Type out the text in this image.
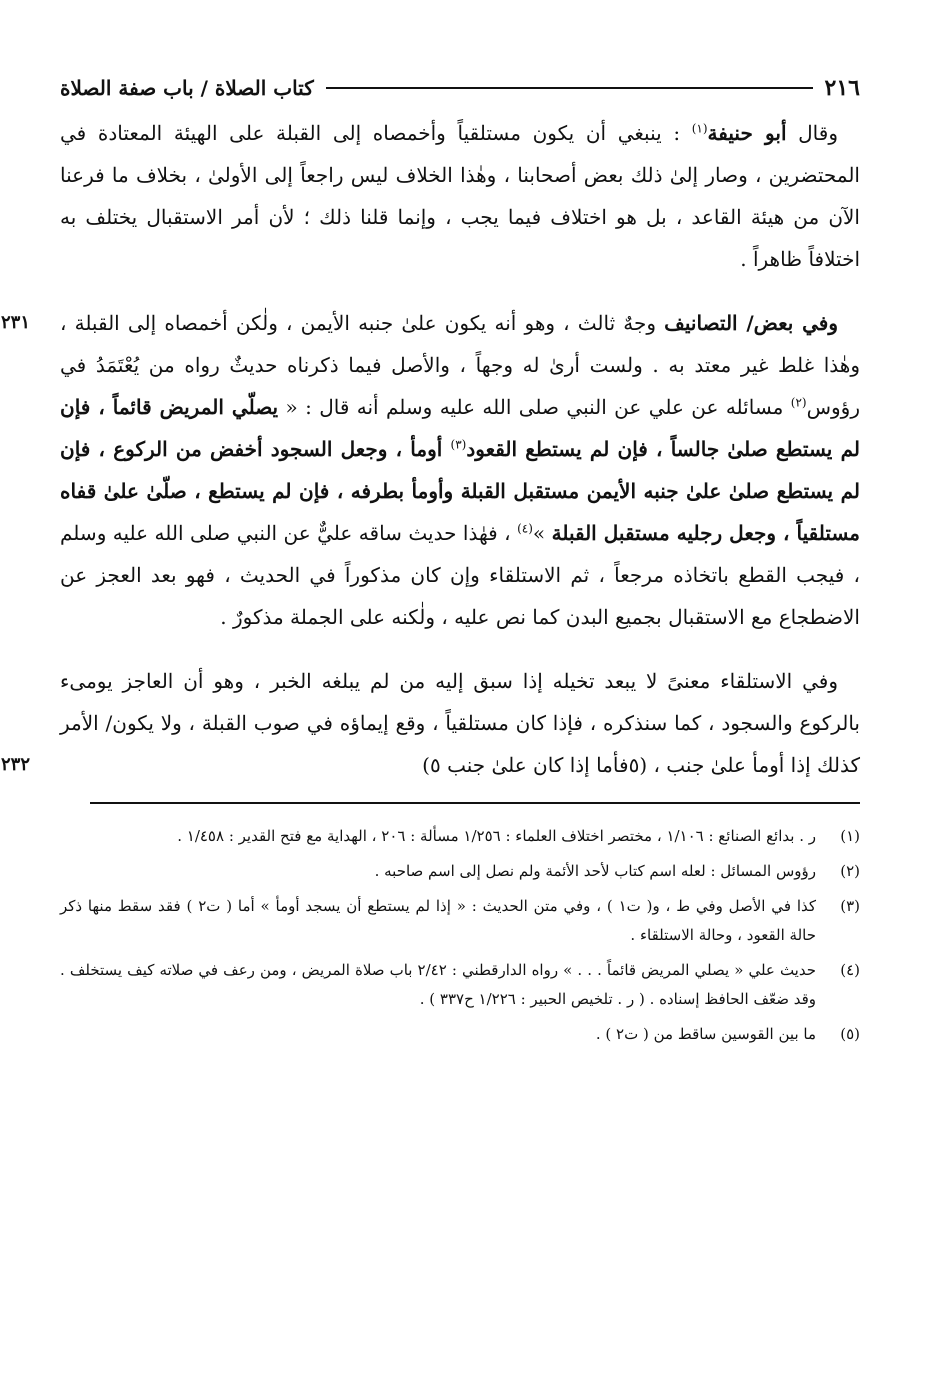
٢١٦
كتاب الصلاة / باب صفة الصلاة

وقال أبو حنيفة$^{(١)}$ : ينبغي أن يكون مستلقياً وأخمصاه إلى القبلة على الهيئة المعتادة في المحتضرين ، وصار إلىٰ ذلك بعض أصحابنا ، وهٰذا الخلاف ليس راجعاً إلى الأولىٰ ، بخلاف ما فرعنا الآن من هيئة القاعد ، بل هو اختلاف فيما يجب ، وإنما قلنا ذلك ؛ لأن أمر الاستقبال يختلف به اختلافاً ظاهراً .

٢٣١	وفي بعض/ التصانيف وجهٌ ثالث ، وهو أنه يكون علىٰ جنبه الأيمن ، ولٰكن أخمصاه إلى القبلة ، وهٰذا غلط غير معتد به . ولست أرىٰ له وجهاً ، والأصل فيما ذكرناه حديثٌ رواه من يُعْتَمَدُ في رؤوس$^{(٢)}$ مسائله عن علي عن النبي صلى الله عليه وسلم أنه قال : « يصلّي المريض قائماً ، فإن لم يستطع صلىٰ جالساً ، فإن لم يستطع القعود$^{(٣)}$ أومأ ، وجعل السجود أخفض من الركوع ، فإن لم يستطع صلىٰ علىٰ جنبه الأيمن مستقبل القبلة وأومأ بطرفه ، فإن لم يستطع ، صلّىٰ علىٰ قفاه مستلقياً ، وجعل رجليه مستقبل القبلة »$^{(٤)}$ ، فهٰذا حديث ساقه عليٌّ عن النبي صلى الله عليه وسلم ، فيجب القطع باتخاذه مرجعاً ، ثم الاستلقاء وإن كان مذكوراً في الحديث ، فهو بعد العجز عن الاضطجاع مع الاستقبال بجميع البدن كما نص عليه ، ولٰكنه على الجملة مذكورٌ .

٢٣٢
وفي الاستلقاء معنىً لا يبعد تخيله إذا سبق إليه من لم يبلغه الخبر ، وهو أن العاجز يومىء بالركوع والسجود ، كما سنذكره ، فإذا كان مستلقياً ، وقع إيماؤه في صوب القبلة ، ولا يكون/ الأمر كذلك إذا أومأ علىٰ جنب ، (٥فأما إذا كان علىٰ جنب ٥)

(١)
ر . بدائع الصنائع : ١/١٠٦ ، مختصر اختلاف العلماء : ١/٢٥٦ مسألة : ٢٠٦ ، الهداية مع فتح القدير : ١/٤٥٨ .
(٢)
رؤوس المسائل : لعله اسم كتاب لأحد الأئمة ولم نصل إلى اسم صاحبه .
(٣)
كذا في الأصل وفي ط ، و( ت١ ) ، وفي متن الحديث : « إذا لم يستطع أن يسجد أومأ » أما ( ت٢ ) فقد سقط منها ذكر حالة القعود ، وحالة الاستلقاء .
(٤)
حديث علي « يصلي المريض قائماً . . . » رواه الدارقطني : ٢/٤٢ باب صلاة المريض ، ومن رعف في صلاته كيف يستخلف . وقد ضعّف الحافظ إسناده . ( ر . تلخيص الحبير : ١/٢٢٦ ح٣٣٧ ) .
(٥)
ما بين القوسين ساقط من ( ت٢ ) .
